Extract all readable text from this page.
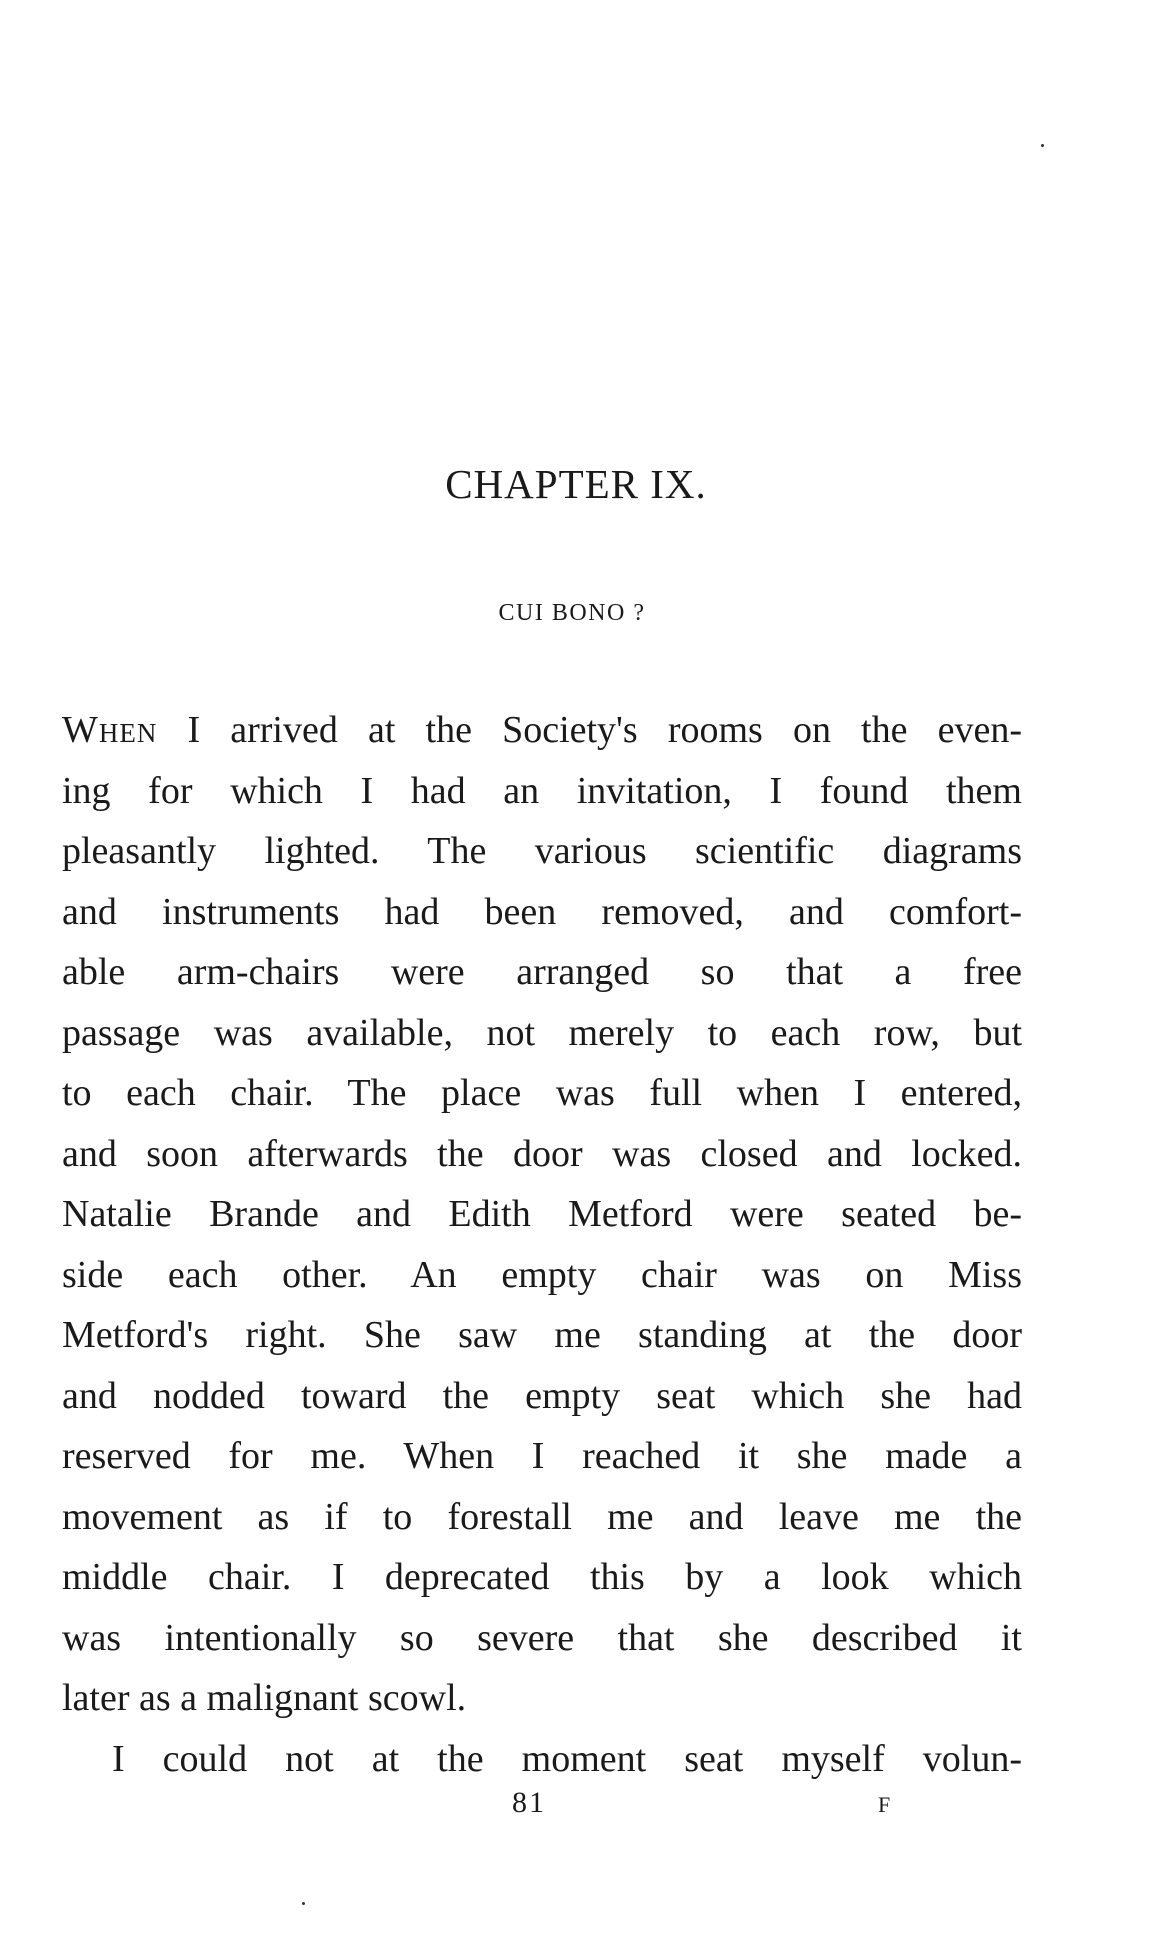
CHAPTER IX.
CUI BONO ?
When I arrived at the Society's rooms on the even-
ing for which I had an invitation, I found them
pleasantly lighted. The various scientific diagrams
and instruments had been removed, and comfort-
able arm-chairs were arranged so that a free
passage was available, not merely to each row, but
to each chair. The place was full when I entered,
and soon afterwards the door was closed and locked.
Natalie Brande and Edith Metford were seated be-
side each other. An empty chair was on Miss
Metford's right. She saw me standing at the door
and nodded toward the empty seat which she had
reserved for me. When I reached it she made a
movement as if to forestall me and leave me the
middle chair. I deprecated this by a look which
was intentionally so severe that she described it
later as a malignant scowl.
I could not at the moment seat myself volun-
81	F
